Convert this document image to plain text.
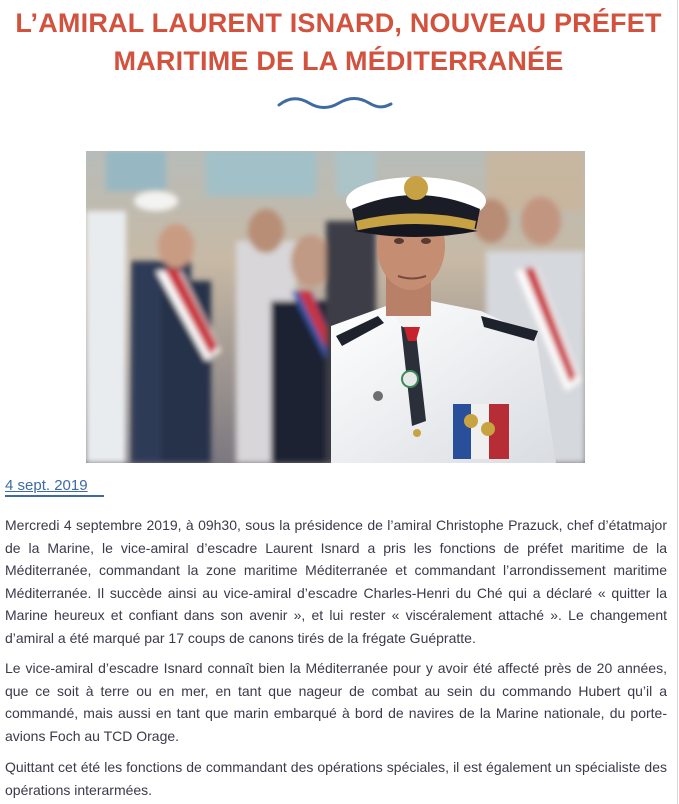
L’AMIRAL LAURENT ISNARD, NOUVEAU PRÉFET
MARITIME DE LA MÉDITERRANÉE
4 sept. 2019

Mercredi 4 septembre 2019, à 09h30, sous la présidence de l’amiral Christophe Prazuck, chef d’étatmajor de la Marine, le vice-amiral d’escadre Laurent Isnard a pris les fonctions de préfet maritime de la Méditerranée, commandant la zone maritime Méditerranée et commandant l’arrondissement maritime Méditerranée. Il succède ainsi au vice-amiral d’escadre Charles-Henri du Ché qui a déclaré « quitter la Marine heureux et confiant dans son avenir », et lui rester « viscéralement attaché ». Le changement d’amiral a été marqué par 17 coups de canons tirés de la frégate Guépratte.

Le vice-amiral d’escadre Isnard connaît bien la Méditerranée pour y avoir été affecté près de 20 années, que ce soit à terre ou en mer, en tant que nageur de combat au sein du commando Hubert qu’il a commandé, mais aussi en tant que marin embarqué à bord de navires de la Marine nationale, du porte-avions Foch au TCD Orage.

Quittant cet été les fonctions de commandant des opérations spéciales, il est également un spécialiste des opérations interarmées.
